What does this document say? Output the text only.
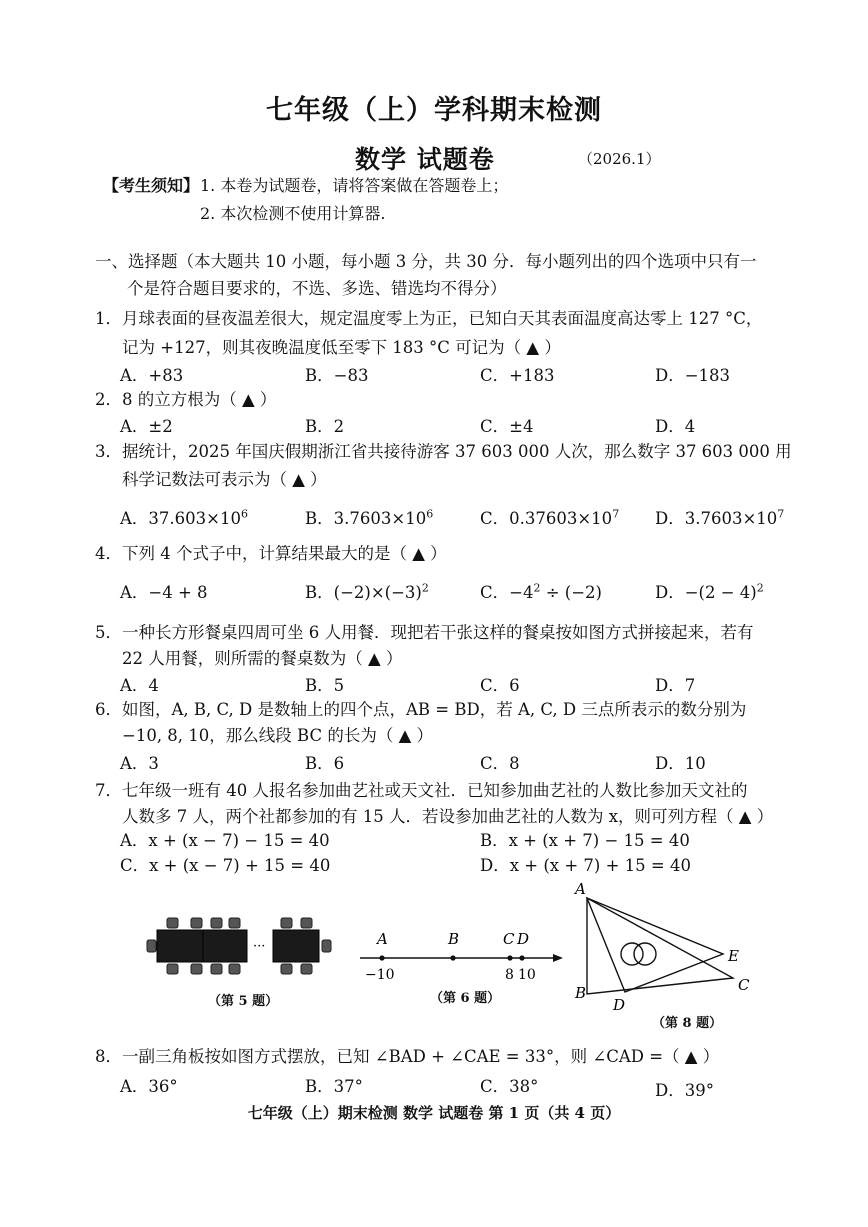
七年级（上）学科期末检测
数学 试题卷	（2026.1）
【考生须知】 1. 本卷为试题卷，请将答案做在答题卷上；
2. 本次检测不使用计算器.
一、选择题（本大题共 10 小题，每小题 3 分，共 30 分．每小题列出的四个选项中只有一
个是符合题目要求的，不选、多选、错选均不得分）
1．月球表面的昼夜温差很大，规定温度零上为正，已知白天其表面温度高达零上 127 °C，
记为 +127，则其夜晚温度低至零下 183 °C 可记为（ ▲ ）
A．+83	B．−83	C．+183	D．−183
2．8 的立方根为（ ▲ ）
A．±2	B．2	C．±4	D．4
3．据统计，2025 年国庆假期浙江省共接待游客 37 603 000 人次，那么数字 37 603 000 用
科学记数法可表示为（ ▲ ）
A．$37.603\times 10^6$	B．$3.7603\times 10^6$	C．$0.37603\times 10^7$ D．$3.7603\times 10^7$
4．下列 4 个式子中，计算结果最大的是（ ▲ ）
A．−4 + 8	B．$(-2)\times(-3)^2$	C．$-4^2 \div (-2)$	D．$-(2 - 4)^2$
5．一种长方形餐桌四周可坐 6 人用餐．现把若干张这样的餐桌按如图方式拼接起来，若有
22 人用餐，则所需的餐桌数为（ ▲ ）
A．4	B．5	C．6	D．7
6．如图，A, B, C, D 是数轴上的四个点，AB = BD，若 A, C, D 三点所表示的数分别为
−10, 8, 10，那么线段 BC 的长为（ ▲ ）
A．3	B．6	C．8	D．10
7．七年级一班有 40 人报名参加曲艺社或天文社．已知参加曲艺社的人数比参加天文社的
人数多 7 人，两个社都参加的有 15 人．若设参加曲艺社的人数为 x，则可列方程（ ▲ ）
A．x + (x − 7) − 15 = 40	B．x + (x + 7) − 15 = 40
C．x + (x − 7) + 15 = 40	D．x + (x + 7) + 15 = 40
···
（第 5 题）
A	B	C D
−10	8 10
（第 6 题）
A
B	C
D
E
（第 8 题）
8．一副三角板按如图方式摆放，已知 ∠BAD + ∠CAE = 33°，则 ∠CAD =（ ▲ ）
A．36°	B．37°	C．38°	D．39°
七年级（上）期末检测 数学 试题卷 第 1 页（共 4 页）
